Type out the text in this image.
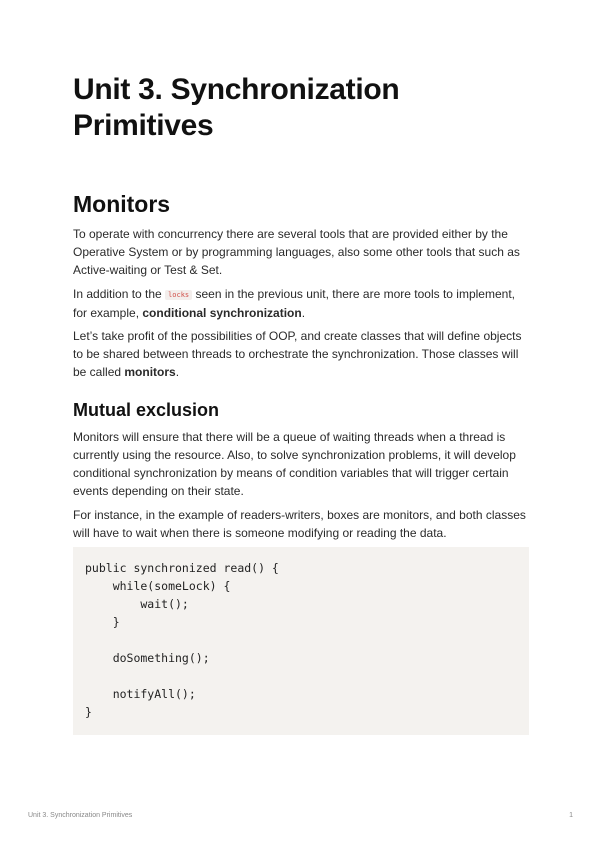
Unit 3. Synchronization
Primitives
Monitors

To operate with concurrency there are several tools that are provided either by the Operative System or by programming languages, also some other tools that such as Active-waiting or Test & Set.

In addition to the locks seen in the previous unit, there are more tools to implement, for example, conditional synchronization.

Let’s take profit of the possibilities of OOP, and create classes that will define objects to be shared between threads to orchestrate the synchronization. Those classes will be called monitors.

Mutual exclusion

Monitors will ensure that there will be a queue of waiting threads when a thread is currently using the resource. Also, to solve synchronization problems, it will develop conditional synchronization by means of condition variables that will trigger certain events depending on their state.

For instance, in the example of readers-writers, boxes are monitors, and both classes will have to wait when there is someone modifying or reading the data.

public synchronized read() {
while(someLock) {
wait();
}
doSomething();
notifyAll();
}
Unit 3. Synchronization Primitives	1
